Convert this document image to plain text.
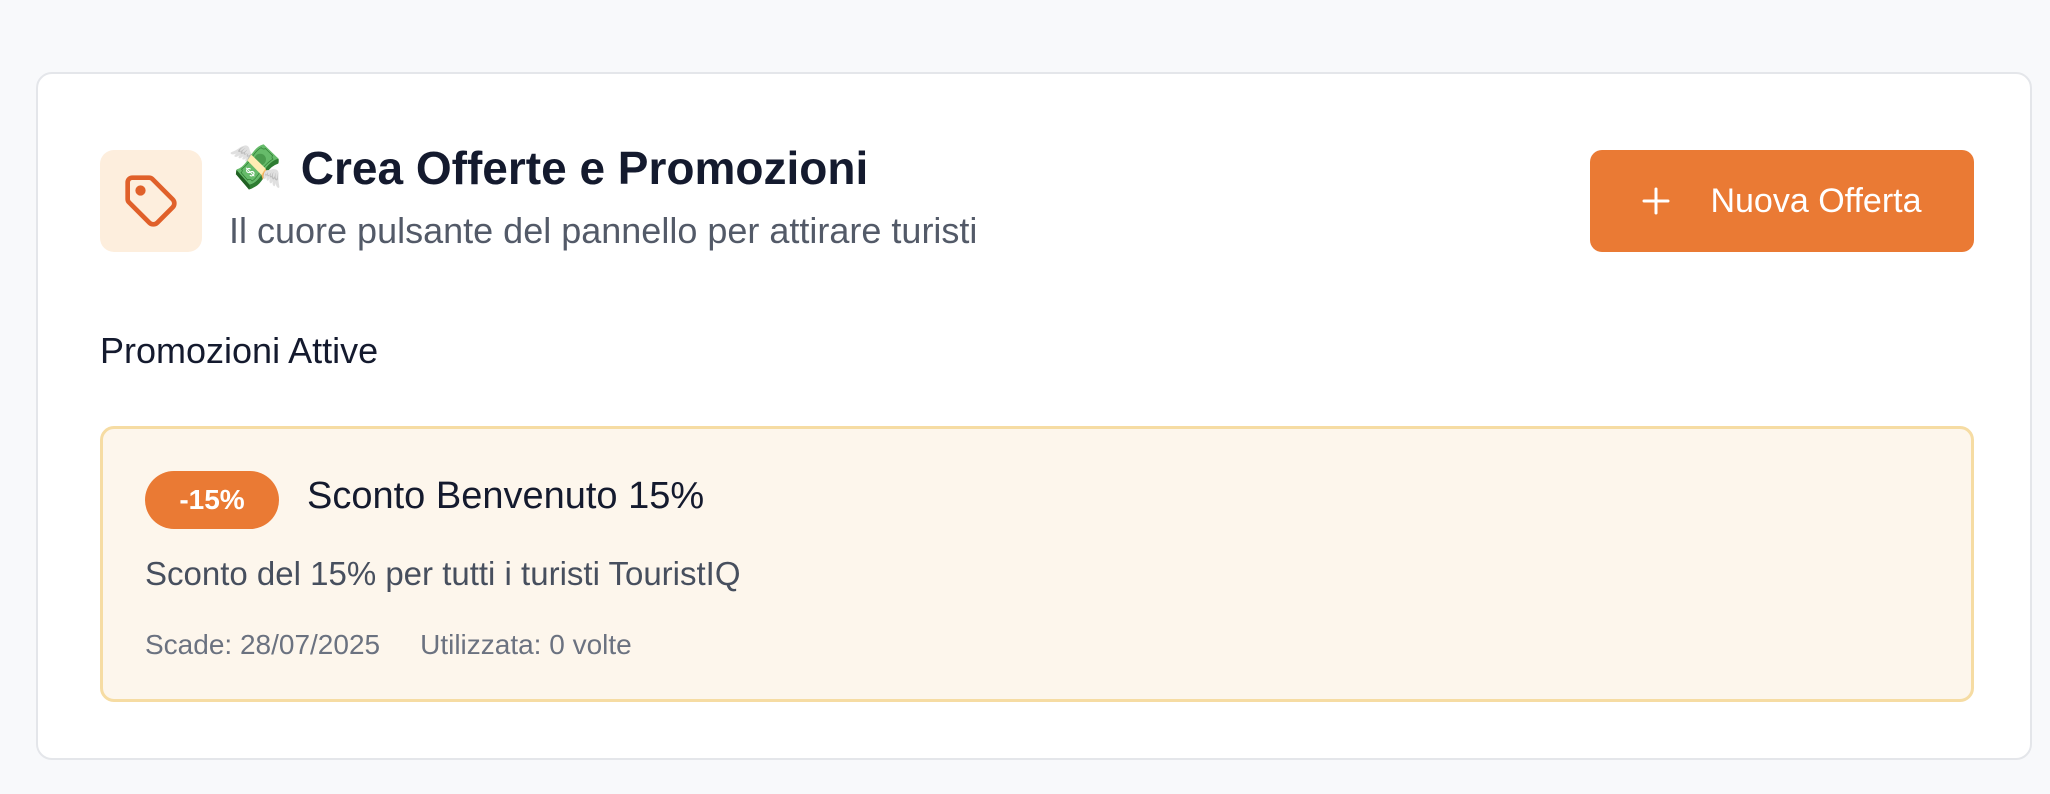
💸 Crea Offerte e Promozioni
Il cuore pulsante del pannello per attirare turisti
Nuova Offerta
Promozioni Attive
-15%	Sconto Benvenuto 15%
Sconto del 15% per tutti i turisti TouristIQ
Scade: 28/07/2025 Utilizzata: 0 volte
